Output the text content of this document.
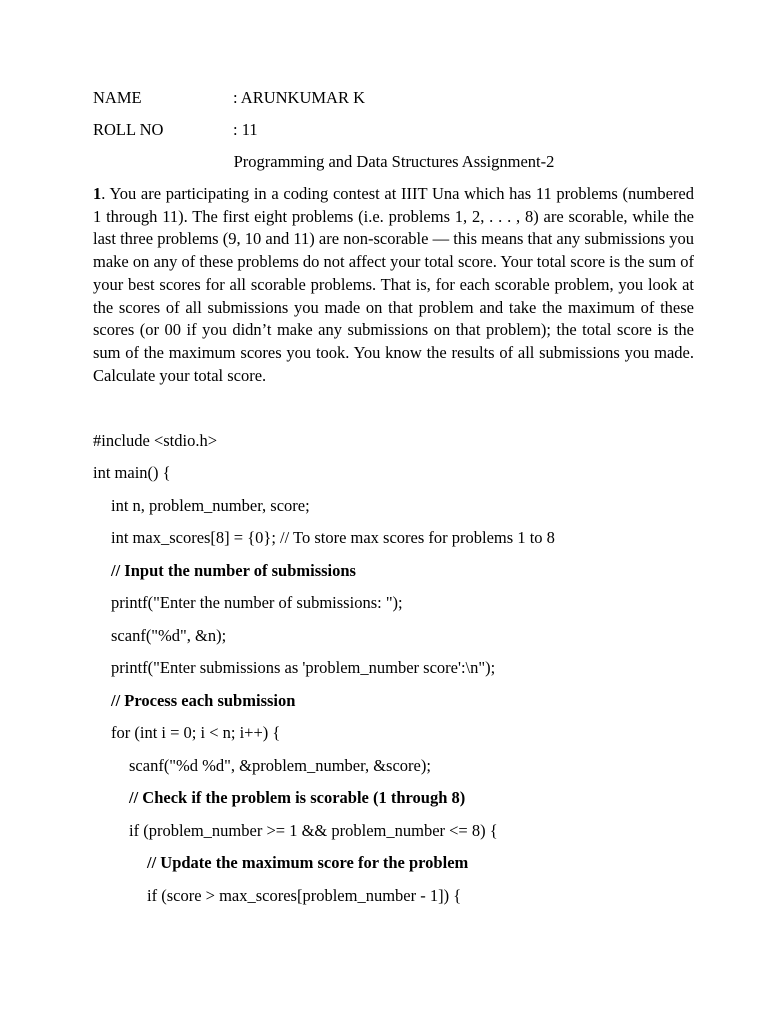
NAME	: ARUNKUMAR K
ROLL NO	: 11
Programming and Data Structures Assignment-2

1. You are participating in a coding contest at IIIT Una which has 11 problems (numbered 1 through 11). The first eight problems (i.e. problems 1, 2, . . . , 8) are scorable, while the last three problems (9, 10 and 11) are non-scorable — this means that any submissions you make on any of these problems do not affect your total score. Your total score is the sum of your best scores for all scorable problems. That is, for each scorable problem, you look at the scores of all submissions you made on that problem and take the maximum of these scores (or 00 if you didn’t make any submissions on that problem); the total score is the sum of the maximum scores you took. You know the results of all submissions you made. Calculate your total score.

#include <stdio.h>
int main() {
int n, problem_number, score;
int max_scores[8] = {0}; // To store max scores for problems 1 to 8
// Input the number of submissions
printf("Enter the number of submissions: ");
scanf("%d", &n);
printf("Enter submissions as 'problem_number score':\n");
// Process each submission
for (int i = 0; i < n; i++) {
scanf("%d %d", &problem_number, &score);
// Check if the problem is scorable (1 through 8)
if (problem_number >= 1 && problem_number <= 8) {
// Update the maximum score for the problem
if (score > max_scores[problem_number - 1]) {
